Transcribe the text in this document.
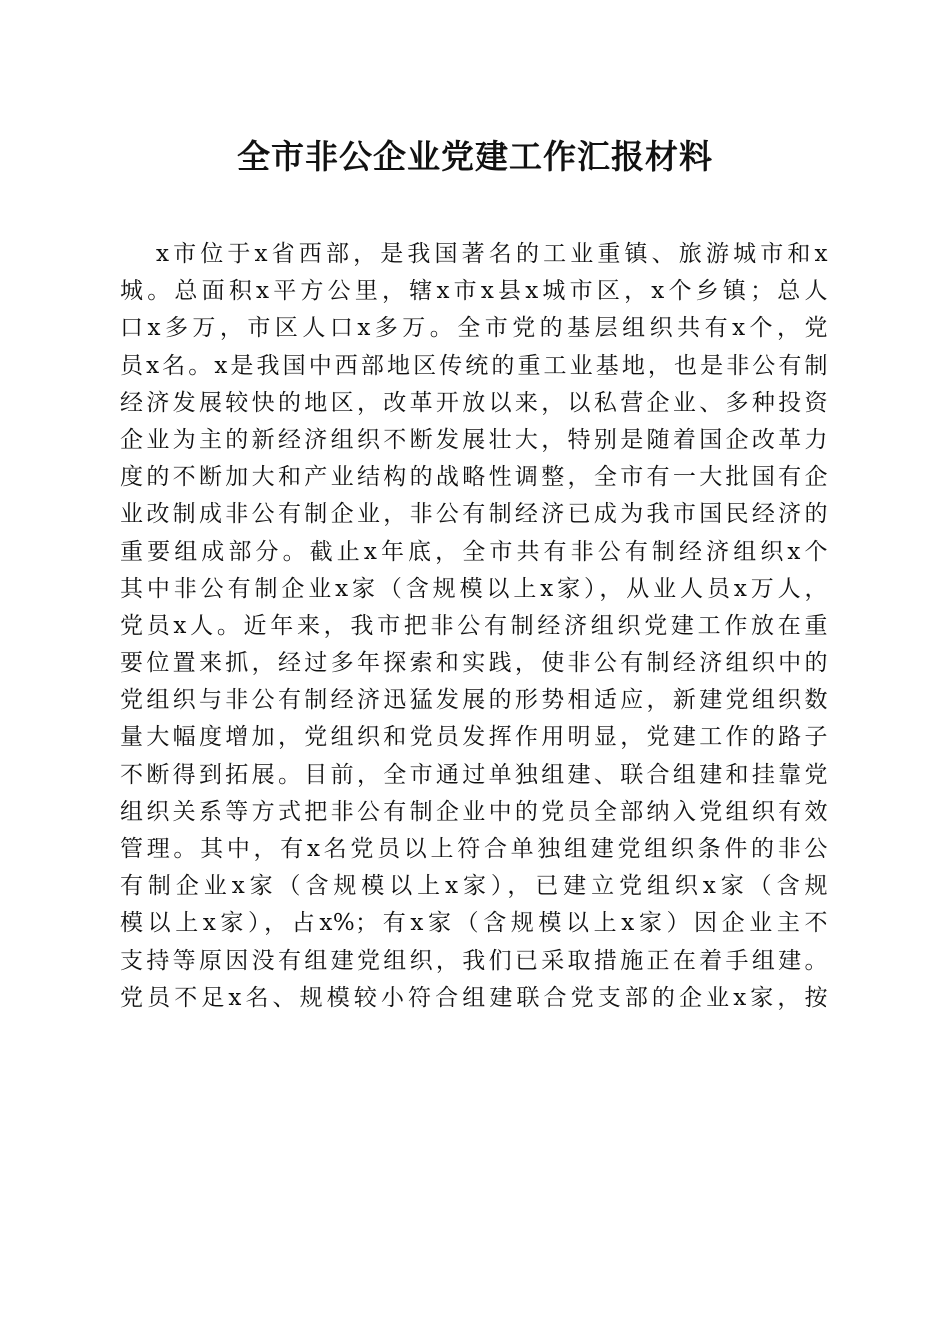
全市非公企业党建工作汇报材料
x市位于x省西部，是我国著名的工业重镇、旅游城市和x
城。总面积x平方公里，辖x市x县x城市区，x个乡镇；总人
口x多万，市区人口x多万。全市党的基层组织共有x个，党
员x名。x是我国中西部地区传统的重工业基地，也是非公有制
经济发展较快的地区，改革开放以来，以私营企业、多种投资
企业为主的新经济组织不断发展壮大，特别是随着国企改革力
度的不断加大和产业结构的战略性调整，全市有一大批国有企
业改制成非公有制企业，非公有制经济已成为我市国民经济的
重要组成部分。截止x年底，全市共有非公有制经济组织x个
其中非公有制企业x家（含规模以上x家），从业人员x万人，
党员x人。近年来，我市把非公有制经济组织党建工作放在重
要位置来抓，经过多年探索和实践，使非公有制经济组织中的
党组织与非公有制经济迅猛发展的形势相适应，新建党组织数
量大幅度增加，党组织和党员发挥作用明显，党建工作的路子
不断得到拓展。目前，全市通过单独组建、联合组建和挂靠党
组织关系等方式把非公有制企业中的党员全部纳入党组织有效
管理。其中，有x名党员以上符合单独组建党组织条件的非公
有制企业x家（含规模以上x家），已建立党组织x家（含规
模以上x家），占x%；有x家（含规模以上x家）因企业主不
支持等原因没有组建党组织，我们已采取措施正在着手组建。
党员不足x名、规模较小符合组建联合党支部的企业x家，按
